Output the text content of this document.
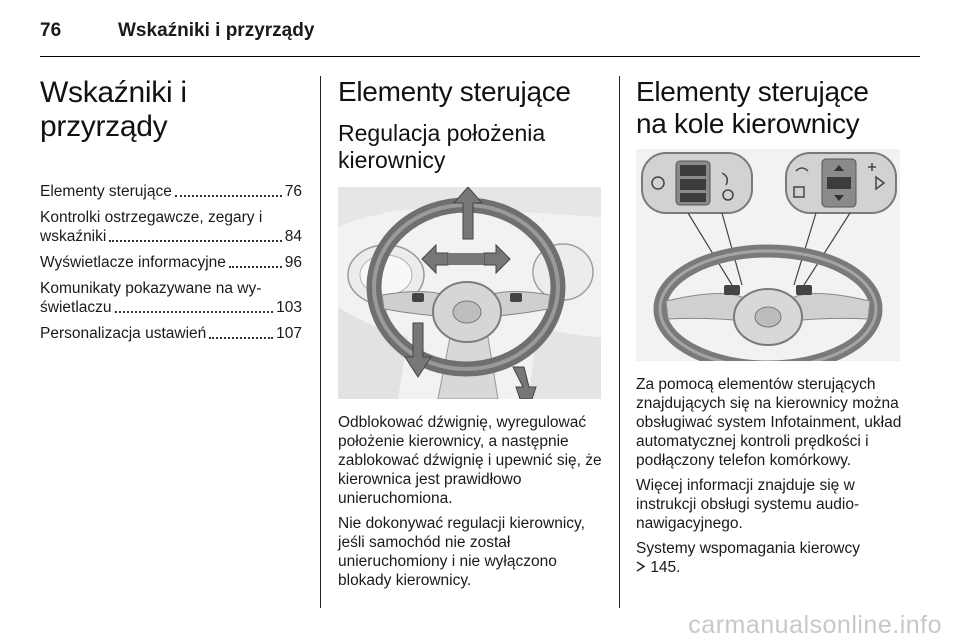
76	Wskaźniki i przyrządy
Wskaźniki i przyrządy
Elementy sterujące	76
Kontrolki ostrzegawcze, zegary i
wskaźniki	84
Wyświetlacze informacyjne	96
Komunikaty pokazywane na wy-
świetlaczu	103
Personalizacja ustawień	107
Elementy sterujące
Regulacja położenia kierownicy

Odblokować dźwignię, wyregulować położenie kierownicy, a następnie zablokować dźwignię i upewnić się, że kierownica jest prawidłowo unieruchomiona.

Nie dokonywać regulacji kierownicy, jeśli samochód nie został unieruchomiony i nie wyłączono blokady kierownicy.

Elementy sterujące na kole kierownicy

Za pomocą elementów sterujących znajdujących się na kierownicy można obsługiwać system Infotainment, układ automatycznej kontroli prędkości i podłączony telefon komórkowy.

Więcej informacji znajduje się w instrukcji obsługi systemu audio-nawigacyjnego.

Systemy wspomagania kierowcy
145.

carmanualsonline.info
